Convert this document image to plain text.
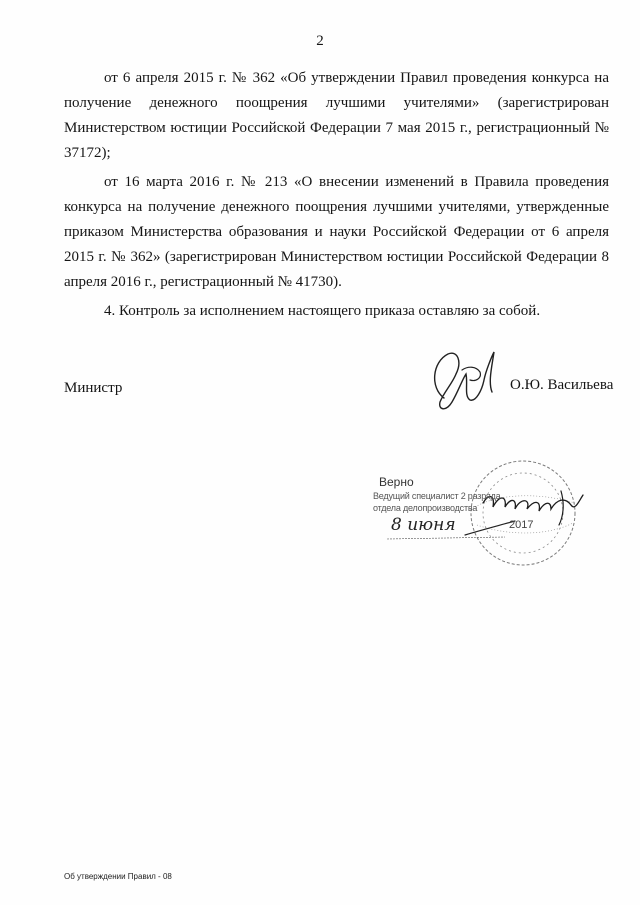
2

от 6 апреля 2015 г. № 362 «Об утверждении Правил проведения конкурса на получение денежного поощрения лучшими учителями» (зарегистрирован Министерством юстиции Российской Федерации 7 мая 2015 г., регистрационный № 37172);

от 16 марта 2016 г. № 213 «О внесении изменений в Правила проведения конкурса на получение денежного поощрения лучшими учителями, утвержденные приказом Министерства образования и науки Российской Федерации от 6 апреля 2015 г. № 362» (зарегистрирован Министерством юстиции Российской Федерации 8 апреля 2016 г., регистрационный № 41730).

4. Контроль за исполнением настоящего приказа оставляю за собой.

Министр	О.Ю. Васильева
Верно
Ведущий специалист 2 разряда
отдела делопроизводства
8 июня	2017
Об утверждении Правил - 08
